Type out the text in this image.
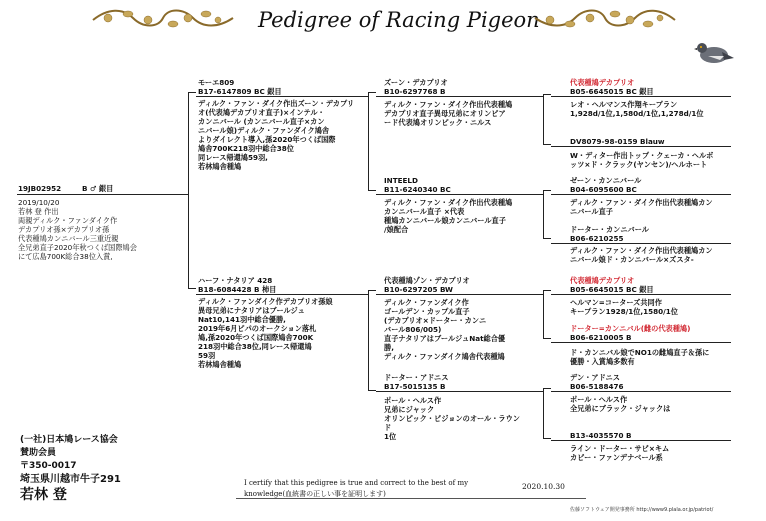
Pedigree of Racing Pigeon
19JB02952	B ♂ 銀目
2019/10/20
若林 登 作出
両親ディルク・ファンダイク作
デカプリオ孫×デカプリオ孫
代表種鳩カンニバール三重近親
全兄弟直子2020年秋つくば国際鳩会
にて広島700K総合38位入賞,
モーエ809
B17-6147809 BC 銀目
ディルク・ファン・ダイク作出ズーン・デカプリ
オ(代表鳩デカプリオ直子)×インテル・
カンニバール (カンニバール直子×カン
ニバール娘)ディルク・ファンダイク鳩舎
よりダイレクト導入,孫2020年つくば国際
鳩舎700K218羽中総合38位
同レース帰還鳩59羽,
若林鳩舎種鳩
ハーフ・ナタリア 428
B18-6084428 B 柿目
ディルク・ファンダイク作デカプリオ孫娘
異母兄弟にナタリアはブールジュ
Nat10,141羽中総合優勝,
2019年6月ピパのオークション落札
鳩,孫2020年つくば国際鳩舎700K
218羽中総合38位,同レース帰還鳩
59羽
若林鳩舎種鳩
ズーン・デカプリオ
B10-6297768 B
ディルク・ファン・ダイク作出代表種鳩
デカプリオ直子異母兄弟にオリンピア
ード代表鳩オリンピック・ニルス
INTEELD
B11-6240340 BC
ディルク・ファン・ダイク作出代表種鳩
カンニバール直子 ×代表
種鳩カンニバール娘カンニバール直子
/娘配合
代表種鳩ゾン・デカプリオ
B10-6297205 BW
ディルク・ファンダイク作
ゴールデン・カップル直子
(デカプリオ×ドーター・カンニ
バール806/005)
直子ナタリアはブールジュNat総合優
勝,
ディルク・ファンダイク鳩舎代表種鳩
ドーター・アドニス
B17-5015135 B
ポール・ヘルス作
兄弟にジャック
オリンピック・ビジョンのオール・ラウン
ド
1位
代表種鳩デカプリオ
B05-6645015 BC 銀目
レオ・ヘルマンス作翔キープラン
1,928d/1位,1,580d/1位,1,278d/1位
DV8079-98-0159 Blauw
W・ディター作出トップ・クェーカ・ヘルボ
ッツ×ド・クラック(ヤンセン)/ヘルホート
ゼーン・カンニバール
B04-6095600 BC
ディルク・ファン・ダイク作出代表種鳩カン
ニバール直子
ドーター・カンニバール
B06-6210255
ディルク・ファン・ダイク作出代表種鳩カン
ニバール娘ド・カンニバール×ズスタ-
代表種鳩デカプリオ
B05-6645015 BC 銀目
ヘルマン=コーターズ共同作
キープラン1928/1位,1580/1位
ドーター=カンニバル(雌の代表種鳩)
B06-6210005 B
ド・カンニバル娘でNO1の雌鳩直子＆孫に
優勝・入賞鳩多数有
デン・アドニス
B06-5188476
ポール・ヘルス作
全兄弟にブラック・ジャックは
B13-4035570 B
ライン・ドーター・サビ×キム
カビー・ファンデナベール系
(一社)日本鳩レース協会
賛助会員
〒350-0017
埼玉県川越市牛子291
若林 登
I certify that this pedigree is true and correct to the best of my
knowledge(血統書の正しい事を証明します)
2020.10.30
佐藤ソフトウェア開発事務所 http://www9.plala.or.jp/patriot/
